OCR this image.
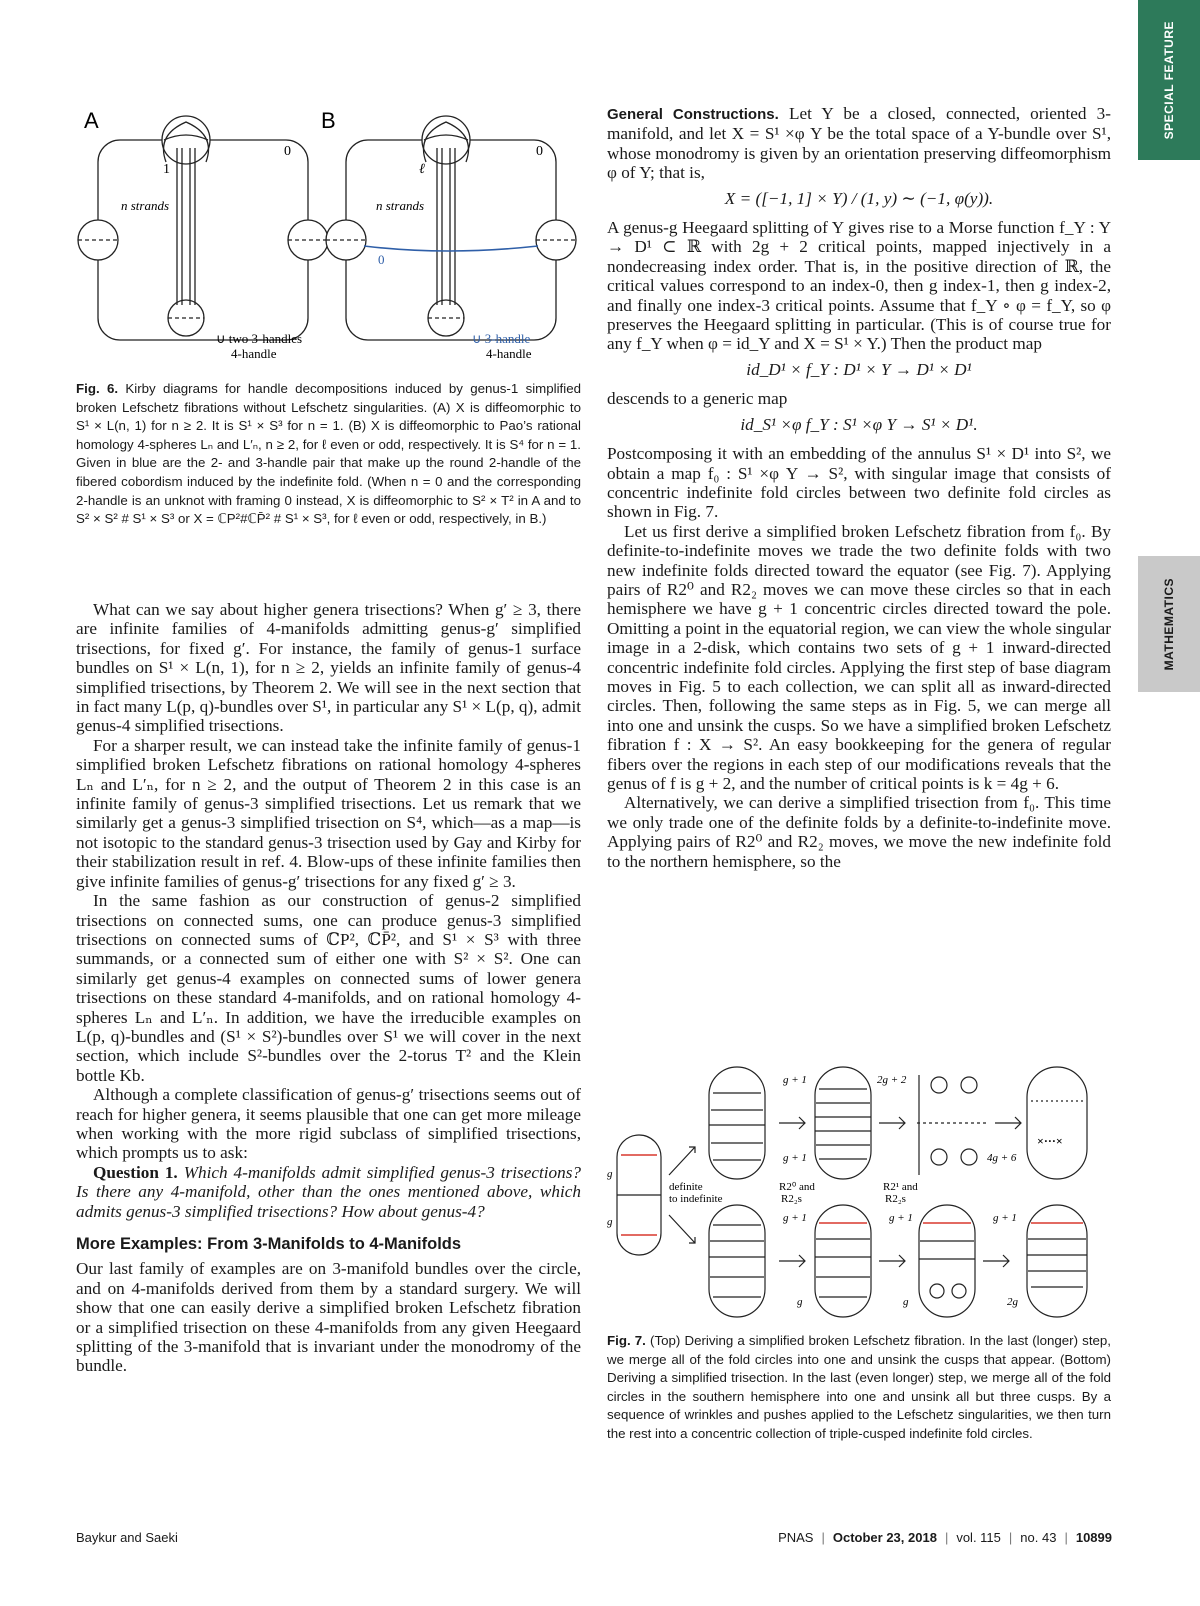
SPECIAL FEATURE
MATHEMATICS
A
1
0
n strands
∪ two 3-handles
4-handle
B
ℓ
0
n strands
0
∪ 3-handle
4-handle
Fig. 6. Kirby diagrams for handle decompositions induced by genus-1 simplified broken Lefschetz fibrations without Lefschetz singularities. (A) X is diffeomorphic to S¹ × L(n, 1) for n ≥ 2. It is S¹ × S³ for n = 1. (B) X is diffeomorphic to Pao’s rational homology 4-spheres Lₙ and L′ₙ, n ≥ 2, for ℓ even or odd, respectively. It is S⁴ for n = 1. Given in blue are the 2- and 3-handle pair that make up the round 2-handle of the fibered cobordism induced by the indefinite fold. (When n = 0 and the corresponding 2-handle is an unknot with framing 0 instead, X is diffeomorphic to S² × T² in A and to S² × S² # S¹ × S³ or X = ℂP²#ℂP̄² # S¹ × S³, for ℓ even or odd, respectively, in B.)

What can we say about higher genera trisections? When g′ ≥ 3, there are infinite families of 4-manifolds admitting genus-g′ simplified trisections, for fixed g′. For instance, the family of genus-1 surface bundles on S¹ × L(n, 1), for n ≥ 2, yields an infinite family of genus-4 simplified trisections, by Theorem 2. We will see in the next section that in fact many L(p, q)-bundles over S¹, in particular any S¹ × L(p, q), admit genus-4 simplified trisections.

For a sharper result, we can instead take the infinite family of genus-1 simplified broken Lefschetz fibrations on rational homology 4-spheres Lₙ and L′ₙ, for n ≥ 2, and the output of Theorem 2 in this case is an infinite family of genus-3 simplified trisections. Let us remark that we similarly get a genus-3 simplified trisection on S⁴, which—as a map—is not isotopic to the standard genus-3 trisection used by Gay and Kirby for their stabilization result in ref. 4. Blow-ups of these infinite families then give infinite families of genus-g′ trisections for any fixed g′ ≥ 3.

In the same fashion as our construction of genus-2 simplified trisections on connected sums, one can produce genus-3 simplified trisections on connected sums of ℂP², ℂP̄², and S¹ × S³ with three summands, or a connected sum of either one with S² × S². One can similarly get genus-4 examples on connected sums of lower genera trisections on these standard 4-manifolds, and on rational homology 4-spheres Lₙ and L′ₙ. In addition, we have the irreducible examples on L(p, q)-bundles and (S¹ × S²)-bundles over S¹ we will cover in the next section, which include S²-bundles over the 2-torus T² and the Klein bottle Kb.

Although a complete classification of genus-g′ trisections seems out of reach for higher genera, it seems plausible that one can get more mileage when working with the more rigid subclass of simplified trisections, which prompts us to ask:

Question 1. Which 4-manifolds admit simplified genus-3 trisections? Is there any 4-manifold, other than the ones mentioned above, which admits genus-3 simplified trisections? How about genus-4?

More Examples: From 3-Manifolds to 4-Manifolds

Our last family of examples are on 3-manifold bundles over the circle, and on 4-manifolds derived from them by a standard surgery. We will show that one can easily derive a simplified broken Lefschetz fibration or a simplified trisection on these 4-manifolds from any given Heegaard splitting of the 3-manifold that is invariant under the monodromy of the bundle.

General Constructions. Let Y be a closed, connected, oriented 3-manifold, and let X = S¹ ×φ Y be the total space of a Y-bundle over S¹, whose monodromy is given by an orientation preserving diffeomorphism φ of Y; that is,

X = ([−1, 1] × Y) / (1, y) ∼ (−1, φ(y)).

A genus-g Heegaard splitting of Y gives rise to a Morse function f_Y : Y → D¹ ⊂ ℝ with 2g + 2 critical points, mapped injectively in a nondecreasing index order. That is, in the positive direction of ℝ, the critical values correspond to an index-0, then g index-1, then g index-2, and finally one index-3 critical points. Assume that f_Y ∘ φ = f_Y, so φ preserves the Heegaard splitting in particular. (This is of course true for any f_Y when φ = id_Y and X = S¹ × Y.) Then the product map

id_D¹ × f_Y : D¹ × Y → D¹ × D¹

descends to a generic map

id_S¹ ×φ f_Y : S¹ ×φ Y → S¹ × D¹.

Postcomposing it with an embedding of the annulus S¹ × D¹ into S², we obtain a map f₀ : S¹ ×φ Y → S², with singular image that consists of concentric indefinite fold circles between two definite fold circles as shown in Fig. 7.

Let us first derive a simplified broken Lefschetz fibration from f₀. By definite-to-indefinite moves we trade the two definite folds with two new indefinite folds directed toward the equator (see Fig. 7). Applying pairs of R2⁰ and R2₂ moves we can move these circles so that in each hemisphere we have g + 1 concentric circles directed toward the pole. Omitting a point in the equatorial region, we can view the whole singular image in a 2-disk, which contains two sets of g + 1 inward-directed concentric indefinite fold circles. Applying the first step of base diagram moves in Fig. 5 to each collection, we can split all as inward-directed circles. Then, following the same steps as in Fig. 5, we can merge all into one and unsink the cusps. So we have a simplified broken Lefschetz fibration f : X → S². An easy bookkeeping for the genera of regular fibers over the regions in each step of our modifications reveals that the genus of f is g + 2, and the number of critical points is k = 4g + 6.

Alternatively, we can derive a simplified trisection from f₀. This time we only trade one of the definite folds by a definite-to-indefinite move. Applying pairs of R2⁰ and R2₂ moves, we move the new indefinite fold to the northern hemisphere, so the

g
g
definite
to indefinite
R2⁰ and
R2₂s
R2¹ and
R2₂s
g + 1
g + 1
2g + 2
4g + 6
×···×
g + 1
g
g + 1
g
g + 1
2g
Fig. 7. (Top) Deriving a simplified broken Lefschetz fibration. In the last (longer) step, we merge all of the fold circles into one and unsink the cusps that appear. (Bottom) Deriving a simplified trisection. In the last (even longer) step, we merge all of the fold circles in the southern hemisphere into one and unsink all but three cusps. By a sequence of wrinkles and pushes applied to the Lefschetz singularities, we then turn the rest into a concentric collection of triple-cusped indefinite fold circles.
Baykur and Saeki	PNAS | October 23, 2018 | vol. 115 | no. 43 | 10899
